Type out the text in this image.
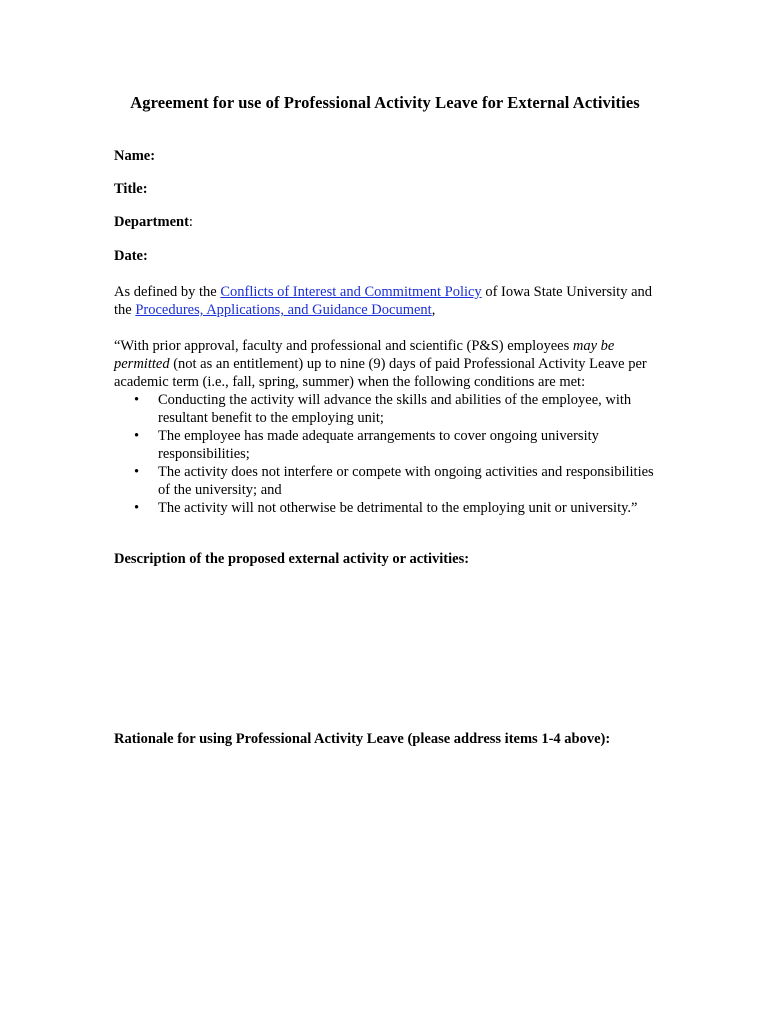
Agreement for use of Professional Activity Leave for External Activities
Name:
Title:
Department:
Date:
As defined by the Conflicts of Interest and Commitment Policy of Iowa State University and the Procedures, Applications, and Guidance Document,
“With prior approval, faculty and professional and scientific (P&S) employees may be permitted (not as an entitlement) up to nine (9) days of paid Professional Activity Leave per academic term (i.e., fall, spring, summer) when the following conditions are met:
• Conducting the activity will advance the skills and abilities of the employee, with resultant benefit to the employing unit;
• The employee has made adequate arrangements to cover ongoing university responsibilities;
• The activity does not interfere or compete with ongoing activities and responsibilities of the university; and
• The activity will not otherwise be detrimental to the employing unit or university.”
Description of the proposed external activity or activities:
Rationale for using Professional Activity Leave (please address items 1-4 above):
